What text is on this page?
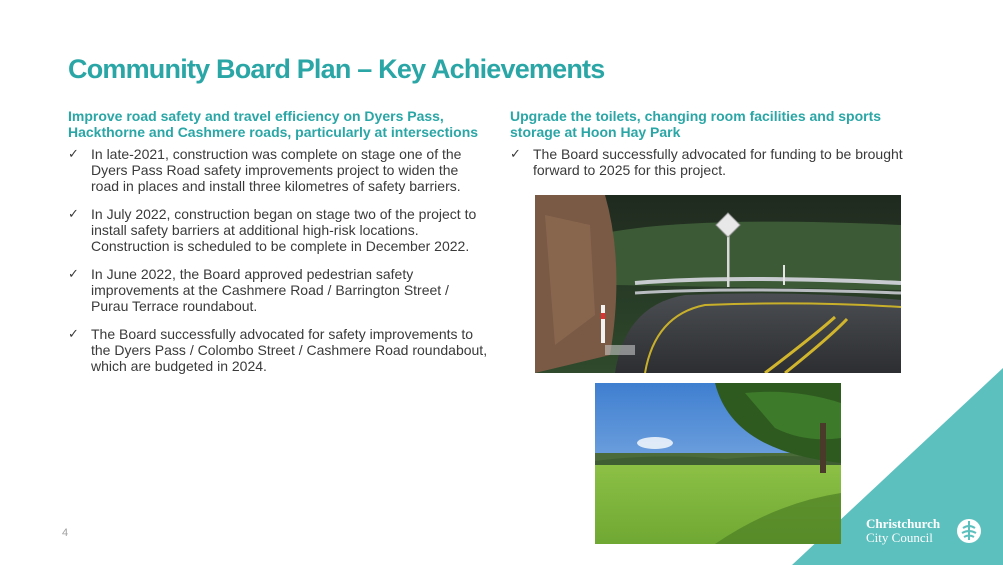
Community Board Plan – Key Achievements

Improve road safety and travel efficiency on Dyers Pass, Hackthorne and Cashmere roads, particularly at intersections

✓ In late-2021, construction was complete on stage one of the Dyers Pass Road safety improvements project to widen the road in places and install three kilometres of safety barriers.
✓ In July 2022, construction began on stage two of the project to install safety barriers at additional high-risk locations. Construction is scheduled to be complete in December 2022.
✓ In June 2022, the Board approved pedestrian safety improvements at the Cashmere Road / Barrington Street / Purau Terrace roundabout.
✓ The Board successfully advocated for safety improvements to the Dyers Pass / Colombo Street / Cashmere Road roundabout, which are budgeted in 2024.

Upgrade the toilets, changing room facilities and sports storage at Hoon Hay Park

✓ The Board successfully advocated for funding to be brought forward to 2025 for this project.
Christchurch
City Council
4
